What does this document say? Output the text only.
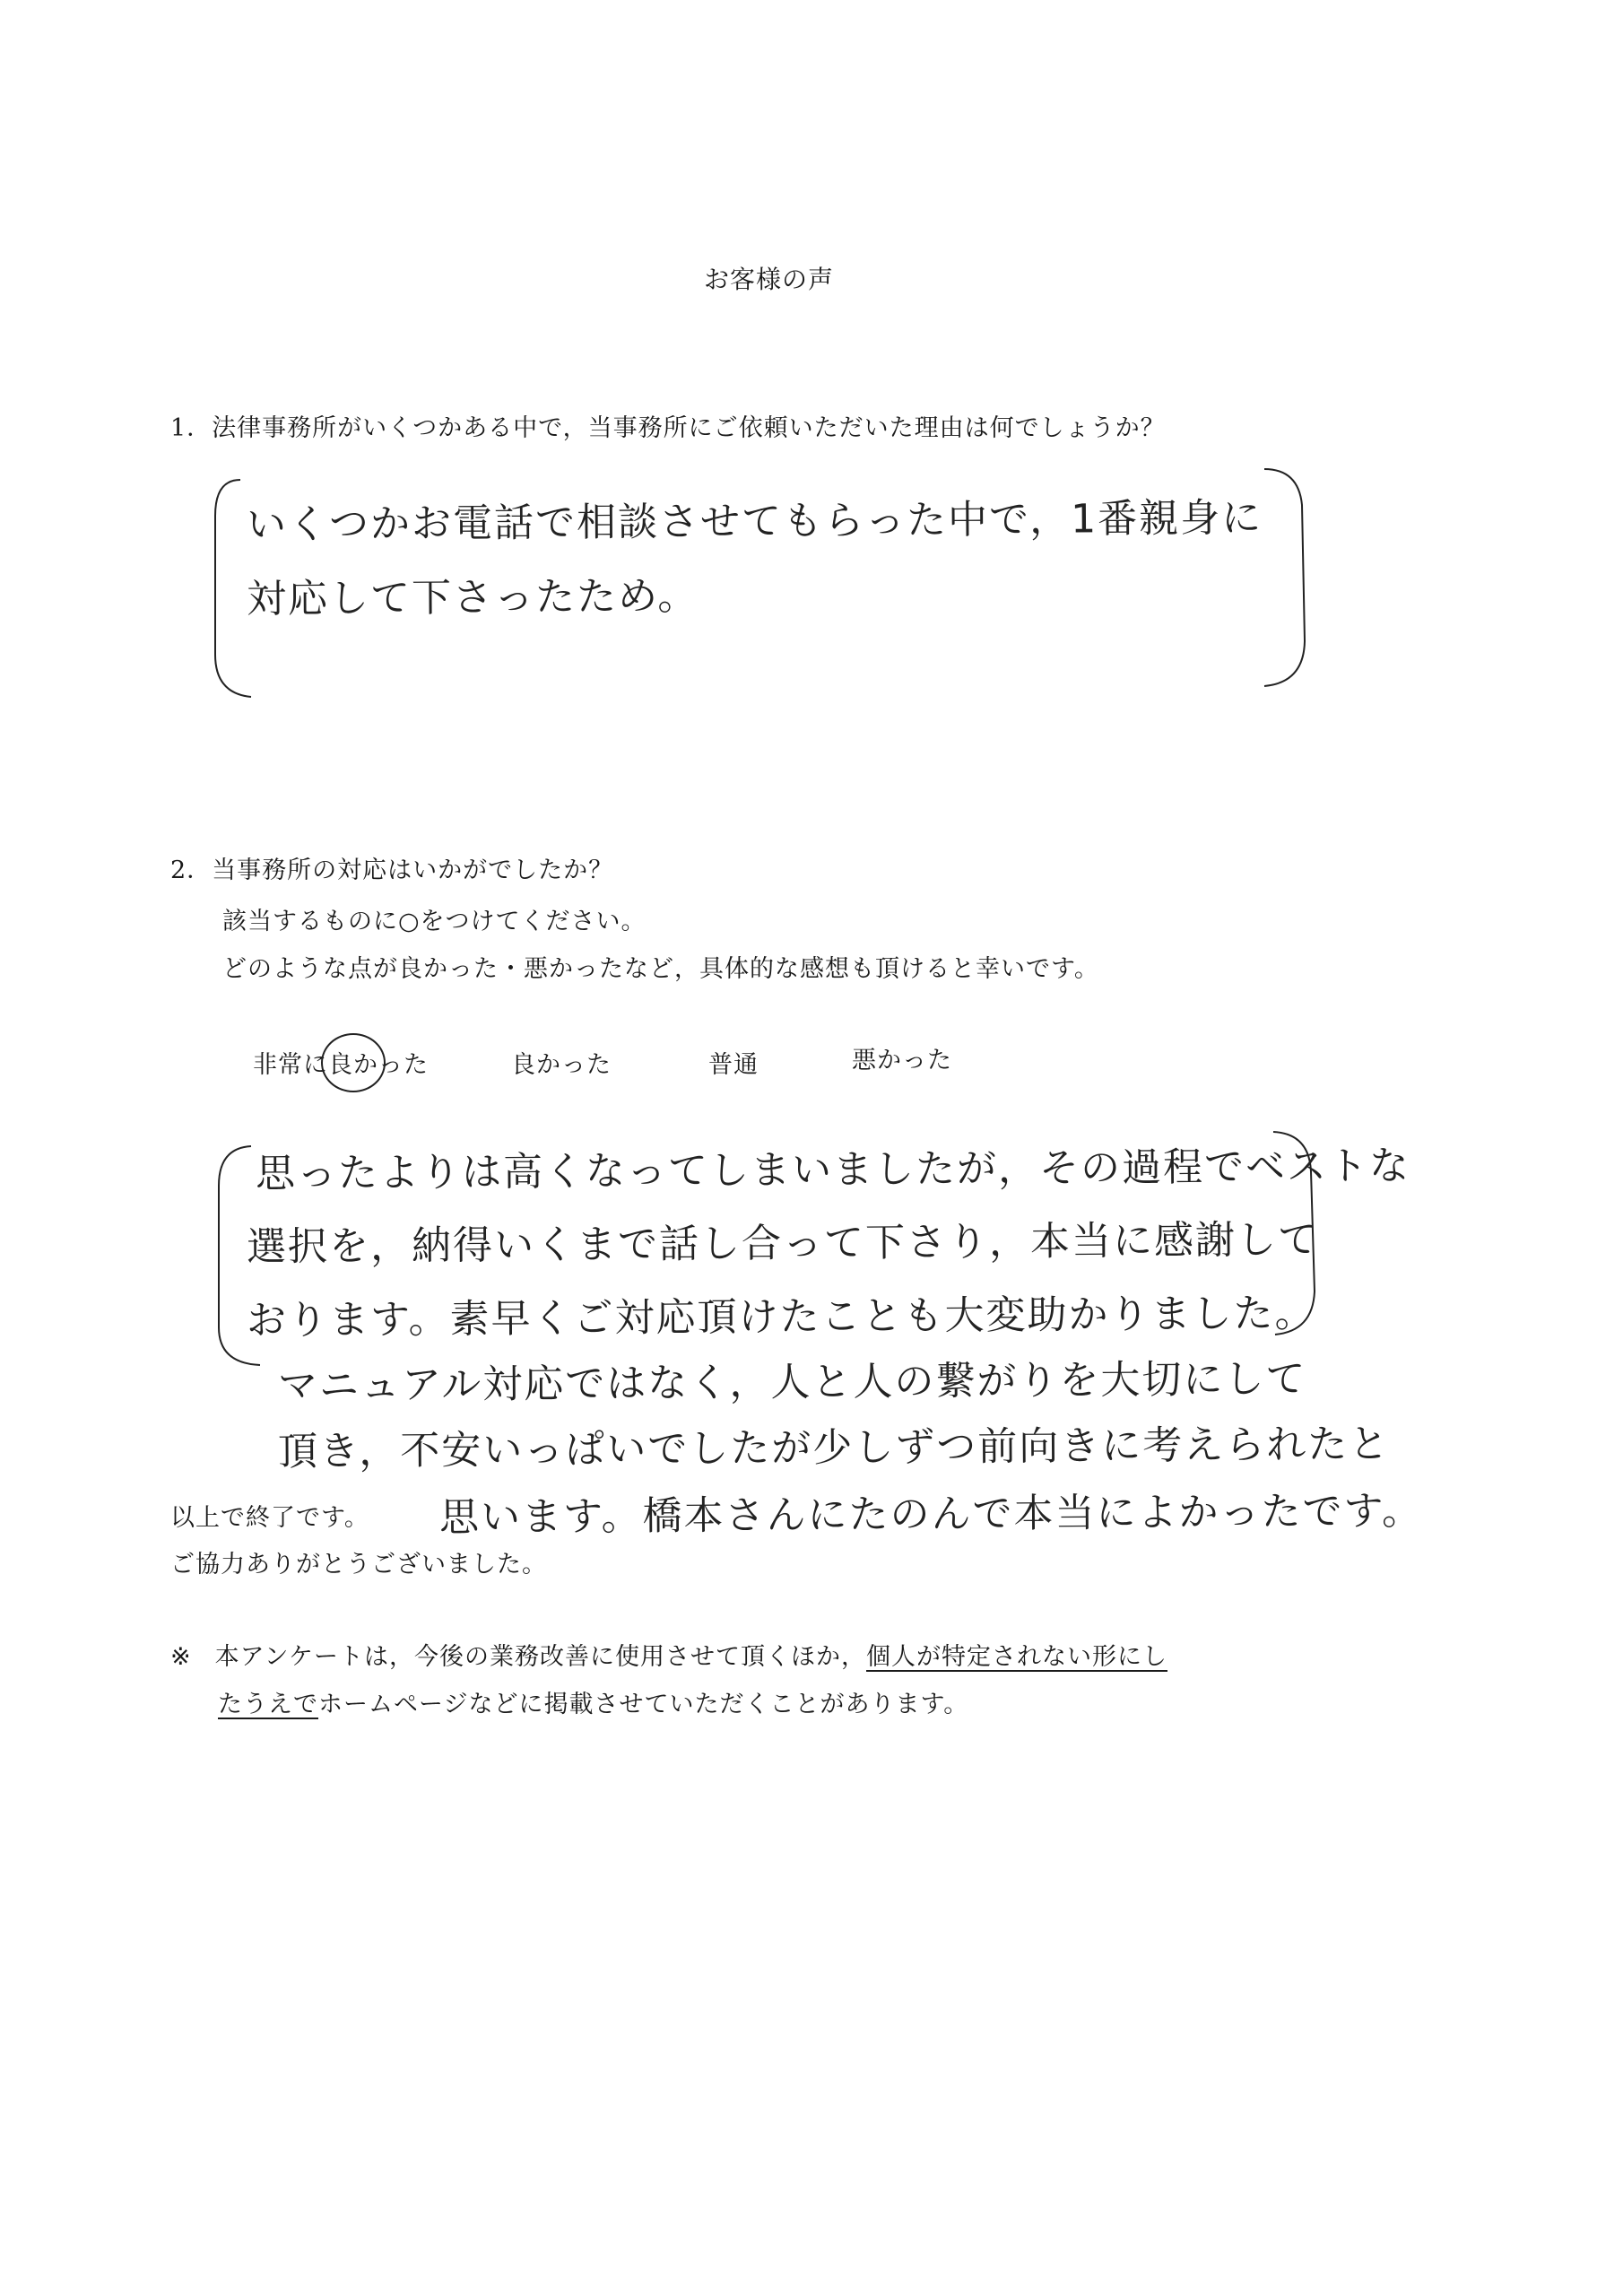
お客様の声
1．法律事務所がいくつかある中で，当事務所にご依頼いただいた理由は何でしょうか？
いくつかお電話で相談させてもらった中で，1番親身に
対応して下さったため。
2．当事務所の対応はいかがでしたか？
該当するものに○をつけてください。
どのような点が良かった・悪かったなど，具体的な感想も頂けると幸いです。
非常に良かった	良かった	普通	悪かった
思ったよりは高くなってしまいましたが，その過程でベストな
選択を，納得いくまで話し合って下さり，本当に感謝して
おります。素早くご対応頂けたことも大変助かりました。
マニュアル対応ではなく，人と人の繋がりを大切にして
頂き，不安いっぱいでしたが少しずつ前向きに考えられたと
思います。橋本さんにたのんで本当によかったです。
以上で終了です。
ご協力ありがとうございました。
※ 本アンケートは，今後の業務改善に使用させて頂くほか，個人が特定されない形にし
たうえでホームページなどに掲載させていただくことがあります。
